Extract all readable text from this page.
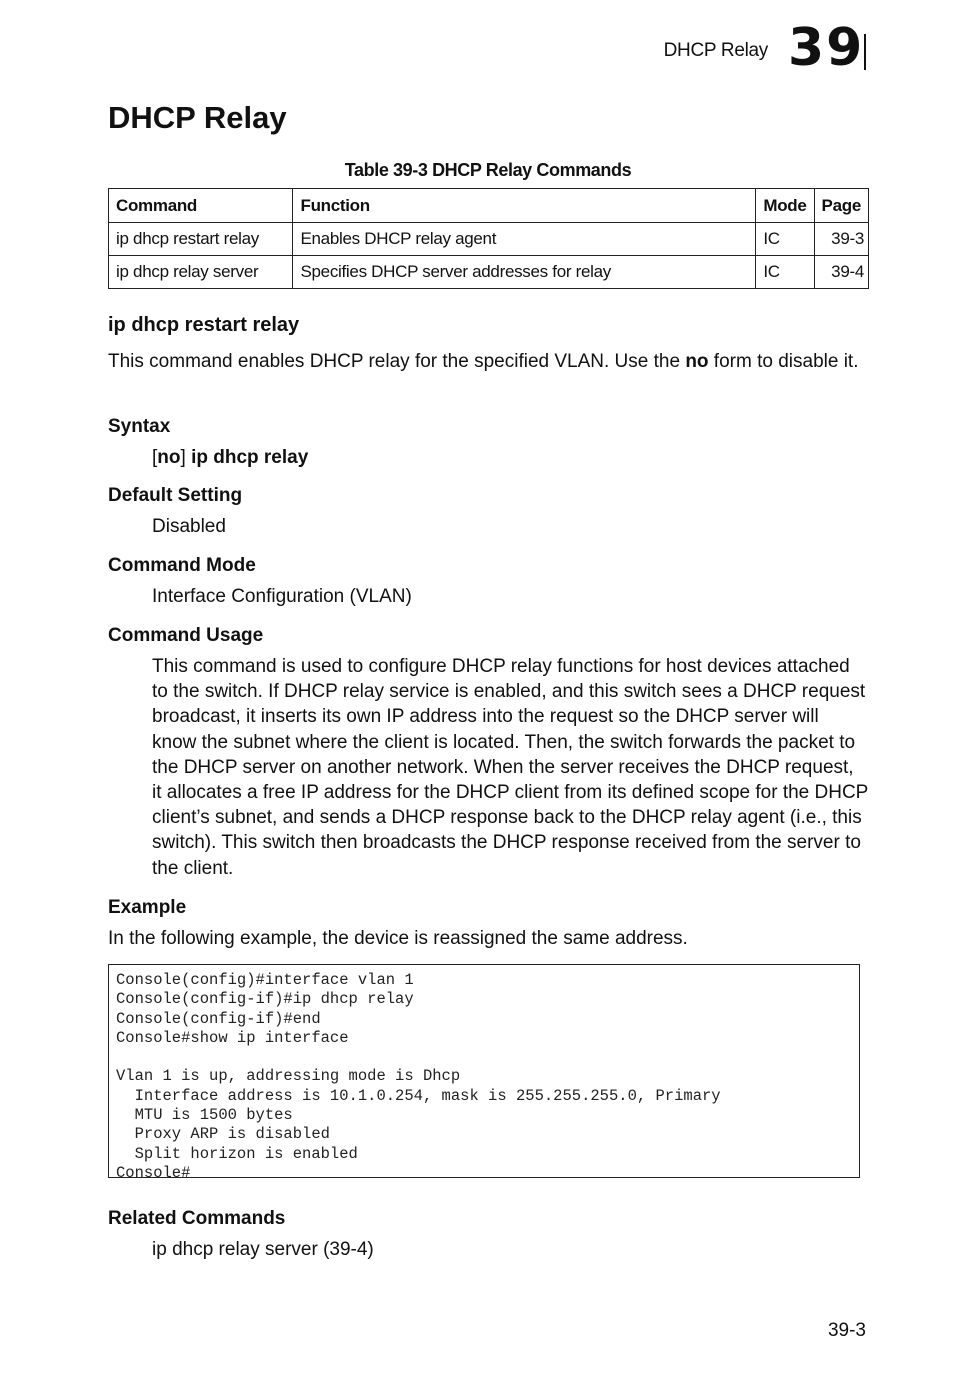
DHCP Relay 39
DHCP Relay
Table 39-3 DHCP Relay Commands
Command	Function	Mode	Page
ip dhcp restart relay	Enables DHCP relay agent	IC	39-3
ip dhcp relay server	Specifies DHCP server addresses for relay	IC	39-4
ip dhcp restart relay

This command enables DHCP relay for the specified VLAN. Use the no form to disable it.

Syntax

[no] ip dhcp relay

Default Setting

Disabled

Command Mode

Interface Configuration (VLAN)

Command Usage

This command is used to configure DHCP relay functions for host devices attached to the switch. If DHCP relay service is enabled, and this switch sees a DHCP request broadcast, it inserts its own IP address into the request so the DHCP server will know the subnet where the client is located. Then, the switch forwards the packet to the DHCP server on another network. When the server receives the DHCP request, it allocates a free IP address for the DHCP client from its defined scope for the DHCP client’s subnet, and sends a DHCP response back to the DHCP relay agent (i.e., this switch). This switch then broadcasts the DHCP response received from the server to the client.

Example

In the following example, the device is reassigned the same address.

Console(config)#interface vlan 1
Console(config-if)#ip dhcp relay
Console(config-if)#end
Console#show ip interface

Vlan 1 is up, addressing mode is Dhcp
Interface address is 10.1.0.254, mask is 255.255.255.0, Primary
MTU is 1500 bytes
Proxy ARP is disabled
Split horizon is enabled
Console#
Related Commands

ip dhcp relay server (39-4)

39-3
